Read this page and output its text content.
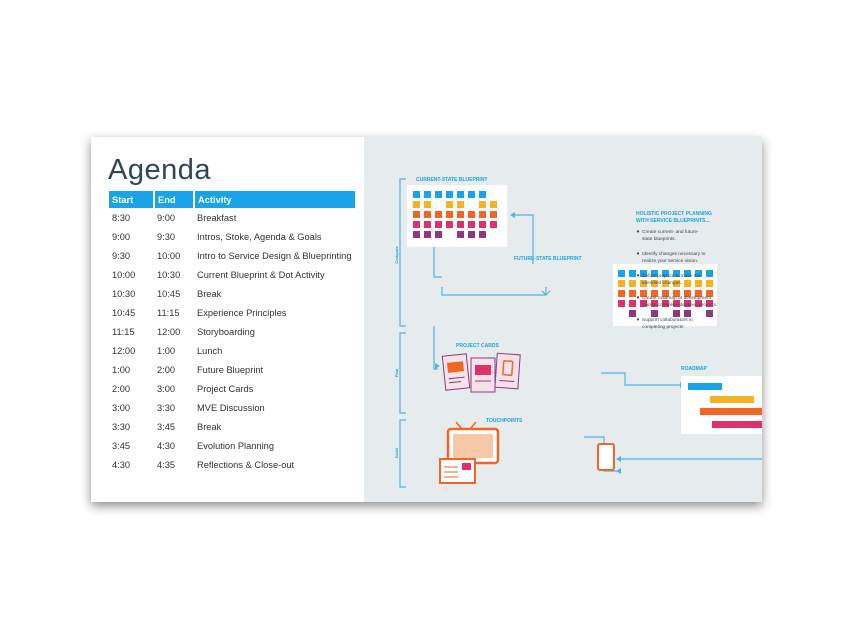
Agenda
Start	End	Activity
8:30	9:00	Breakfast
9:00	9:30	Intros, Stoke, Agenda & Goals
9:30	10:00	Intro to Service Design & Blueprinting
10:00	10:30	Current Blueprint & Dot Activity
10:30	10:45	Break
10:45	11:15	Experience Principles
11:15	12:00	Storyboarding
12:00	1:00	Lunch
1:00	2:00	Future Blueprint
2:00	3:00	Project Cards
3:00	3:30	MVE Discussion
3:30	3:45	Break
3:45	4:30	Evolution Planning
4:30	4:35	Reflections & Close-out
Compare
Plan
Build
CURRENT-STATE BLUEPRINT
FUTURE-STATE BLUEPRINT
PROJECT CARDS
ROADMAP
TOUCHPOINTS
HOLISTIC PROJECT PLANNING
WITH SERVICE BLUEPRINTS...
Create current- and future-
state blueprints.
Identify changes necessary to
realize your service vision.
Define projects to make the
identified changes.
Create roadmap or development
plan to complete identified projects.
Support collaborators in
completing projects
